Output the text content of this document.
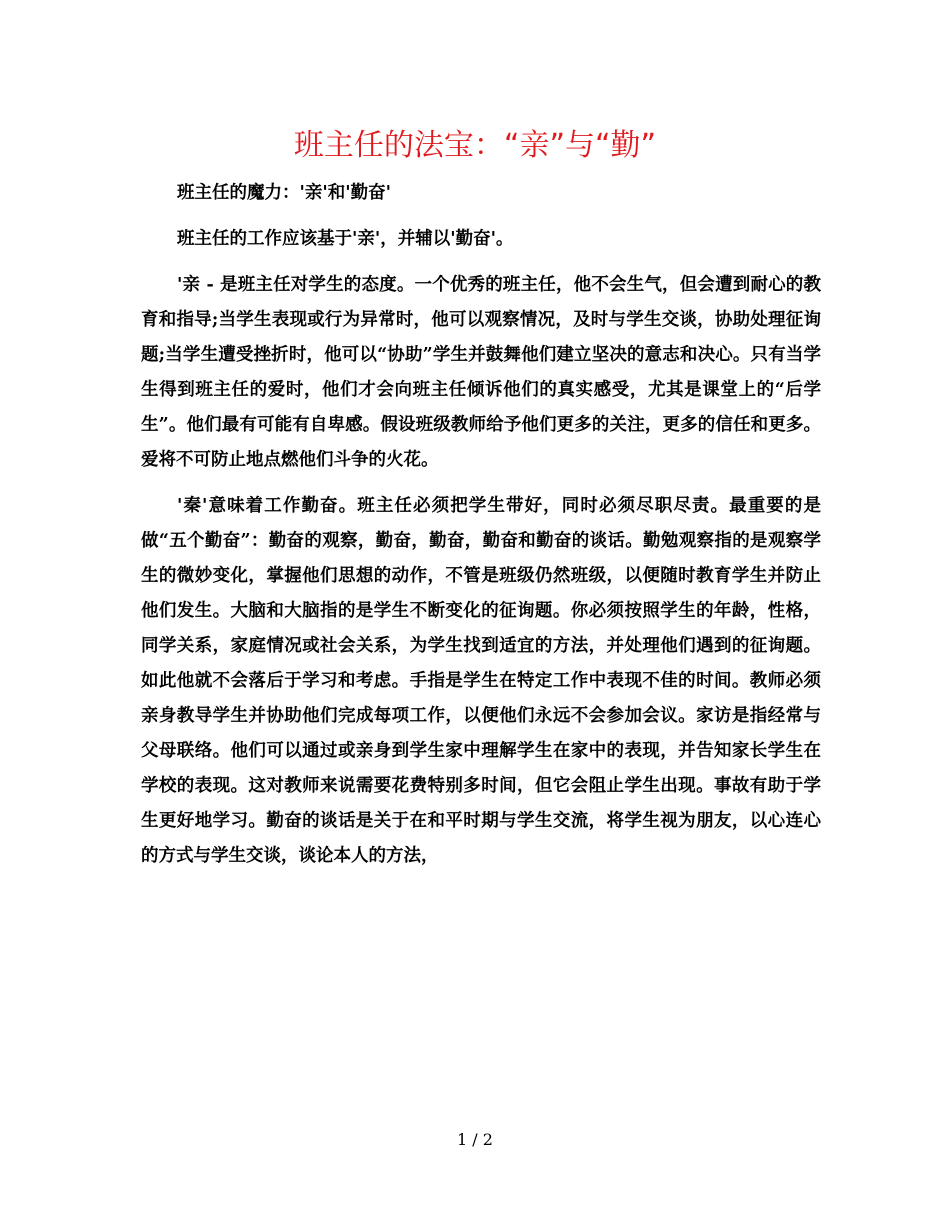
班主任的法宝：“亲”与“勤”

班主任的魔力：'亲'和'勤奋'

班主任的工作应该基于'亲'，并辅以'勤奋'。

'亲 - 是班主任对学生的态度。一个优秀的班主任，他不会生气，但会遭到耐心的教育和指导;当学生表现或行为异常时，他可以观察情况，及时与学生交谈，协助处理征询题;当学生遭受挫折时，他可以“协助”学生并鼓舞他们建立坚决的意志和决心。只有当学生得到班主任的爱时，他们才会向班主任倾诉他们的真实感受，尤其是课堂上的“后学生”。他们最有可能有自卑感。假设班级教师给予他们更多的关注，更多的信任和更多。爱将不可防止地点燃他们斗争的火花。

'秦'意味着工作勤奋。班主任必须把学生带好，同时必须尽职尽责。最重要的是做“五个勤奋”：勤奋的观察，勤奋，勤奋，勤奋和勤奋的谈话。勤勉观察指的是观察学生的微妙变化，掌握他们思想的动作，不管是班级仍然班级，以便随时教育学生并防止他们发生。大脑和大脑指的是学生不断变化的征询题。你必须按照学生的年龄，性格，同学关系，家庭情况或社会关系，为学生找到适宜的方法，并处理他们遇到的征询题。如此他就不会落后于学习和考虑。手指是学生在特定工作中表现不佳的时间。教师必须亲身教导学生并协助他们完成每项工作，以便他们永远不会参加会议。家访是指经常与父母联络。他们可以通过或亲身到学生家中理解学生在家中的表现，并告知家长学生在学校的表现。这对教师来说需要花费特别多时间，但它会阻止学生出现。事故有助于学生更好地学习。勤奋的谈话是关于在和平时期与学生交流，将学生视为朋友，以心连心的方式与学生交谈，谈论本人的方法，

1 / 2
